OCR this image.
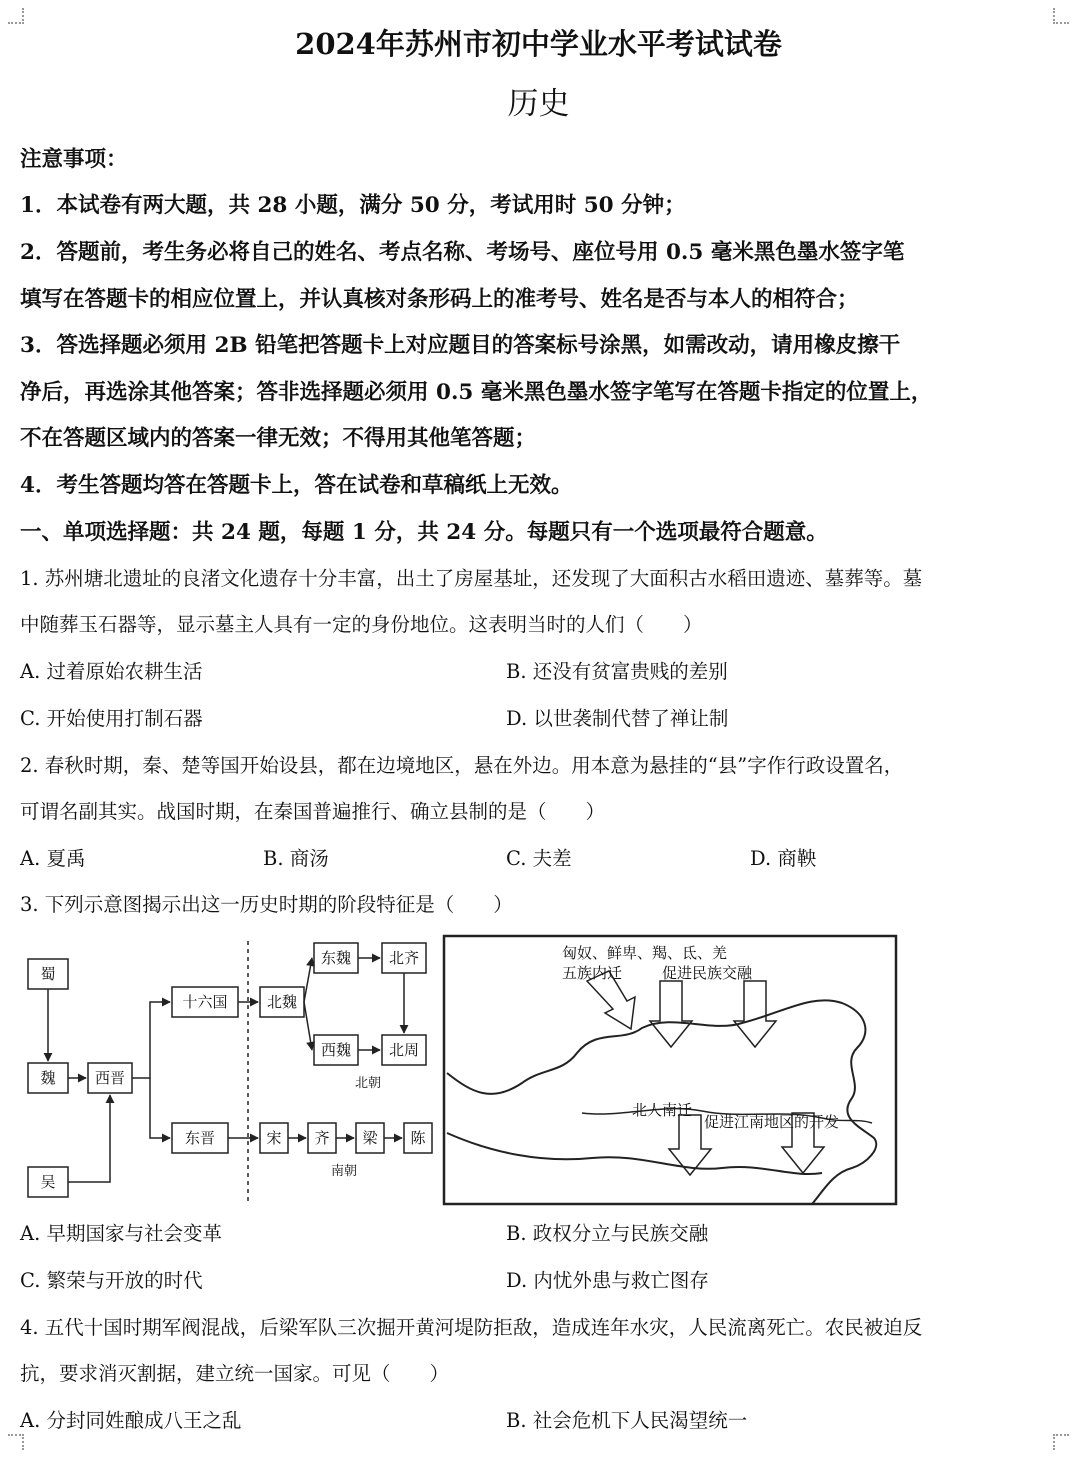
2024年苏州市初中学业水平考试试卷
历史
注意事项：
1．本试卷有两大题，共 28 小题，满分 50 分，考试用时 50 分钟；
2．答题前，考生务必将自己的姓名、考点名称、考场号、座位号用 0.5 毫米黑色墨水签字笔
填写在答题卡的相应位置上，并认真核对条形码上的准考号、姓名是否与本人的相符合；
3．答选择题必须用 2B 铅笔把答题卡上对应题目的答案标号涂黑，如需改动，请用橡皮擦干
净后，再选涂其他答案；答非选择题必须用 0.5 毫米黑色墨水签字笔写在答题卡指定的位置上，
不在答题区域内的答案一律无效；不得用其他笔答题；
4．考生答题均答在答题卡上，答在试卷和草稿纸上无效。
一、单项选择题：共 24 题，每题 1 分，共 24 分。每题只有一个选项最符合题意。
1. 苏州塘北遗址的良渚文化遗存十分丰富，出土了房屋基址，还发现了大面积古水稻田遗迹、墓葬等。墓
中随葬玉石器等，显示墓主人具有一定的身份地位。这表明当时的人们（　　）
A. 过着原始农耕生活	B. 还没有贫富贵贱的差别
C. 开始使用打制石器	D. 以世袭制代替了禅让制
2. 春秋时期，秦、楚等国开始设县，都在边境地区，悬在外边。用本意为悬挂的“县”字作行政设置名，
可谓名副其实。战国时期，在秦国普遍推行、确立县制的是（　　）
A. 夏禹	B. 商汤	C. 夫差	D. 商鞅
3. 下列示意图揭示出这一历史时期的阶段特征是（　　）
蜀
魏
吴
西晋
十六国
东晋
北魏
东魏	北齐
西魏	北周
北朝
宋 齐 梁 陈
南朝
匈奴、鲜卑、羯、氐、羌
五族内迁	促进民族交融
北人南迁
促进江南地区的开发
A. 早期国家与社会变革	B. 政权分立与民族交融
C. 繁荣与开放的时代	D. 内忧外患与救亡图存
4. 五代十国时期军阀混战，后梁军队三次掘开黄河堤防拒敌，造成连年水灾，人民流离死亡。农民被迫反
抗，要求消灭割据，建立统一国家。可见（　　）
A. 分封同姓酿成八王之乱	B. 社会危机下人民渴望统一
